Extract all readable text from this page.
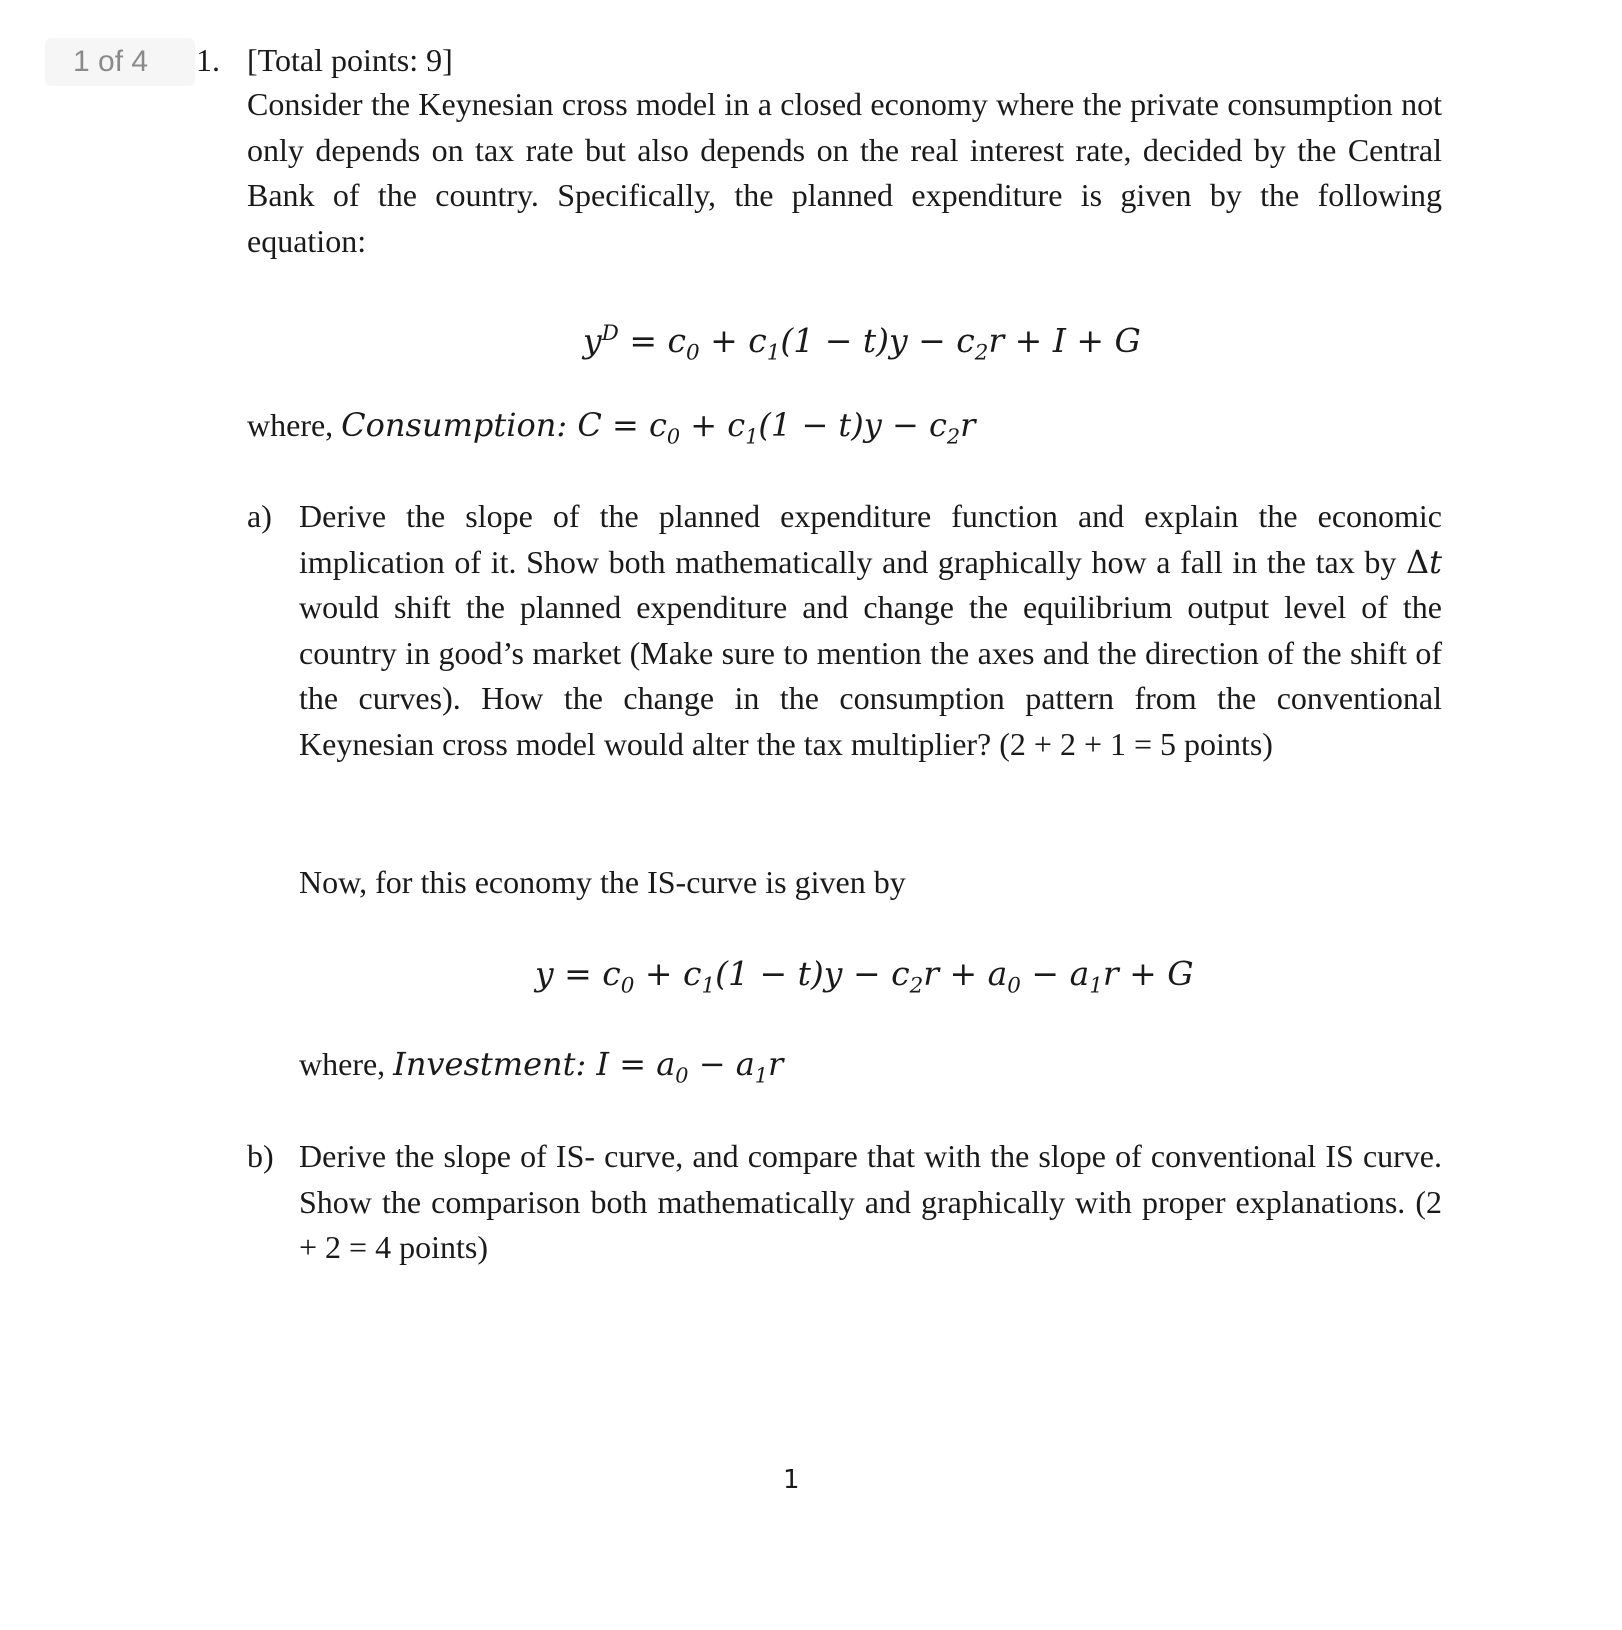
1 of 4	1. [Total points: 9]
Consider the Keynesian cross model in a closed economy where the private consumption not only depends on tax rate but also depends on the real interest rate, decided by the Central Bank of the country. Specifically, the planned expenditure is given by the following equation:
$y^D = c_0 + c_1(1 - t)y - c_2r + I + G$
where, Consumption: $C = c_0 + c_1(1 - t)y - c_2r$
a) Derive the slope of the planned expenditure function and explain the economic implication of it. Show both mathematically and graphically how a fall in the tax by Δt would shift the planned expenditure and change the equilibrium output level of the country in good’s market (Make sure to mention the axes and the direction of the shift of the curves). How the change in the consumption pattern from the conventional Keynesian cross model would alter the tax multiplier? (2 + 2 + 1 = 5 points)
Now, for this economy the IS-curve is given by
$y = c_0 + c_1(1 - t)y - c_2r + a_0 - a_1r + G$
where, Investment: $I = a_0 - a_1r$
b) Derive the slope of IS- curve, and compare that with the slope of conventional IS curve. Show the comparison both mathematically and graphically with proper explanations. (2 + 2 = 4 points)
1
